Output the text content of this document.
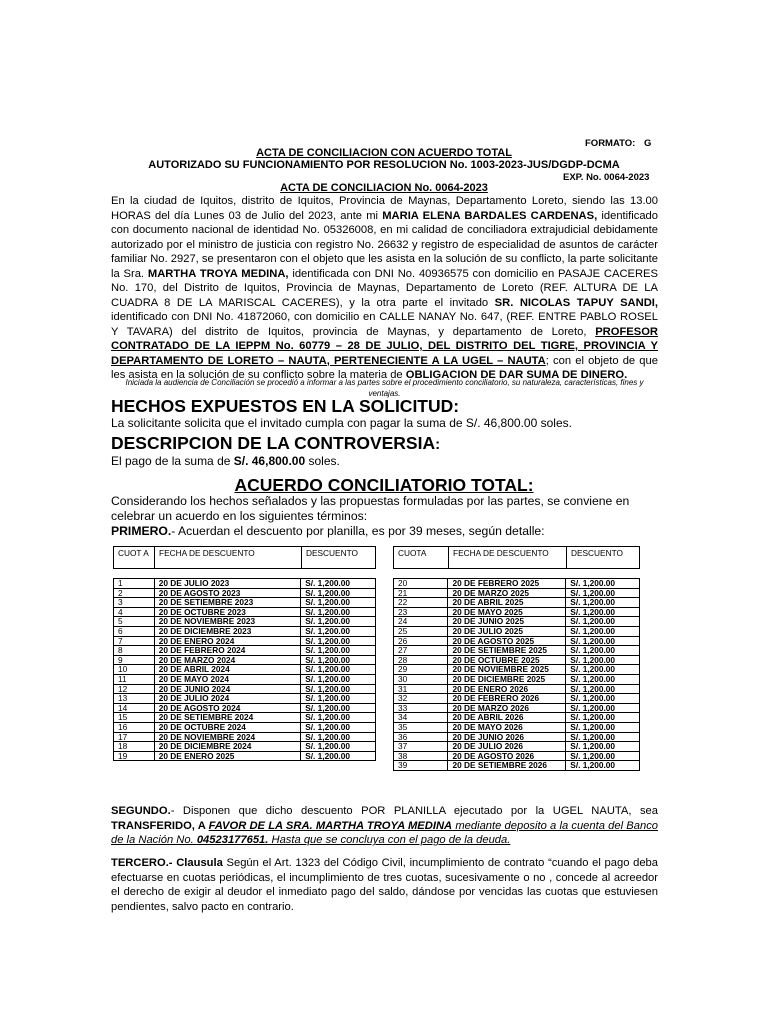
FORMATO: G
ACTA DE CONCILIACION CON ACUERDO TOTAL
AUTORIZADO SU FUNCIONAMIENTO POR RESOLUCION No. 1003-2023-JUS/DGDP-DCMA
EXP. No. 0064-2023
ACTA DE CONCILIACION No. 0064-2023
En la ciudad de Iquitos, distrito de Iquitos, Provincia de Maynas, Departamento Loreto, siendo las 13.00 HORAS del día Lunes 03 de Julio del 2023, ante mi MARIA ELENA BARDALES CARDENAS, identificado con documento nacional de identidad No. 05326008, en mi calidad de conciliadora extrajudicial debidamente autorizado por el ministro de justicia con registro No. 26632 y registro de especialidad de asuntos de carácter familiar No. 2927, se presentaron con el objeto que les asista en la solución de su conflicto, la parte solicitante la Sra. MARTHA TROYA MEDINA, identificada con DNI No. 40936575 con domicilio en PASAJE CACERES No. 170, del Distrito de Iquitos, Provincia de Maynas, Departamento de Loreto (REF. ALTURA DE LA CUADRA 8 DE LA MARISCAL CACERES), y la otra parte el invitado SR. NICOLAS TAPUY SANDI, identificado con DNI No. 41872060, con domicilio en CALLE NANAY No. 647, (REF. ENTRE PABLO ROSEL Y TAVARA) del distrito de Iquitos, provincia de Maynas, y departamento de Loreto, PROFESOR CONTRATADO DE LA IEPPM No. 60779 – 28 DE JULIO, DEL DISTRITO DEL TIGRE, PROVINCIA Y DEPARTAMENTO DE LORETO – NAUTA, PERTENECIENTE A LA UGEL – NAUTA; con el objeto de que les asista en la solución de su conflicto sobre la materia de OBLIGACION DE DAR SUMA DE DINERO.
Iniciada la audiencia de Conciliación se procedió a informar a las partes sobre el procedimiento conciliatorio, su naturaleza, características, fines y ventajas.
HECHOS EXPUESTOS EN LA SOLICITUD:
La solicitante solicita que el invitado cumpla con pagar la suma de S/. 46,800.00 soles.
DESCRIPCION DE LA CONTROVERSIA:
El pago de la suma de S/. 46,800.00 soles.
ACUERDO CONCILIATORIO TOTAL:
Considerando los hechos señalados y las propuestas formuladas por las partes, se conviene en celebrar un acuerdo en los siguientes términos:
PRIMERO.- Acuerdan el descuento por planilla, es por 39 meses, según detalle:
CUOT A	FECHA DE DESCUENTO	DESCUENTO
1	20 DE JULIO 2023	S/. 1,200.00
2	20 DE AGOSTO 2023	S/. 1,200.00
3	20 DE SETIEMBRE 2023	S/. 1,200.00
4	20 DE OCTUBRE 2023	S/. 1,200.00
5	20 DE NOVIEMBRE 2023	S/. 1,200.00
6	20 DE DICIEMBRE 2023	S/. 1,200.00
7	20 DE ENERO 2024	S/. 1,200.00
8	20 DE FEBRERO 2024	S/. 1,200.00
9	20 DE MARZO 2024	S/. 1,200.00
10	20 DE ABRIL 2024	S/. 1,200.00
11	20 DE MAYO 2024	S/. 1,200.00
12	20 DE JUNIO 2024	S/. 1,200.00
13	20 DE JULIO 2024	S/. 1,200.00
14	20 DE AGOSTO 2024	S/. 1,200.00
15	20 DE SETIEMBRE 2024	S/. 1,200.00
16	20 DE OCTUBRE 2024	S/. 1,200.00
17	20 DE NOVIEMBRE 2024	S/. 1,200.00
18	20 DE DICIEMBRE 2024	S/. 1,200.00
19	20 DE ENERO 2025	S/. 1,200.00
CUOTA	FECHA DE DESCUENTO	DESCUENTO
20	20 DE FEBRERO 2025	S/. 1,200.00
21	20 DE MARZO 2025	S/. 1,200.00
22	20 DE ABRIL 2025	S/. 1,200.00
23	20 DE MAYO 2025	S/. 1,200.00
24	20 DE JUNIO 2025	S/. 1,200.00
25	20 DE JULIO 2025	S/. 1,200.00
26	20 DE AGOSTO 2025	S/. 1,200.00
27	20 DE SETIEMBRE 2025	S/. 1,200.00
28	20 DE OCTUBRE 2025	S/. 1,200.00
29	20 DE NOVIEMBRE 2025	S/. 1,200.00
30	20 DE DICIEMBRE 2025	S/. 1,200.00
31	20 DE ENERO 2026	S/. 1,200.00
32	20 DE FEBRERO 2026	S/. 1,200.00
33	20 DE MARZO 2026	S/. 1,200.00
34	20 DE ABRIL 2026	S/. 1,200.00
35	20 DE MAYO 2026	S/. 1,200.00
36	20 DE JUNIO 2026	S/. 1,200.00
37	20 DE JULIO 2026	S/. 1,200.00
38	20 DE AGOSTO 2026	S/. 1,200.00
39	20 DE SETIEMBRE 2026	S/. 1,200.00
SEGUNDO.- Disponen que dicho descuento POR PLANILLA ejecutado por la UGEL NAUTA, sea TRANSFERIDO, A FAVOR DE LA SRA. MARTHA TROYA MEDINA mediante deposito a la cuenta del Banco de la Nación No. 04523177651. Hasta que se concluya con el pago de la deuda.
TERCERO.- Clausula Según el Art. 1323 del Código Civil, incumplimiento de contrato “cuando el pago deba efectuarse en cuotas periódicas, el incumplimiento de tres cuotas, sucesivamente o no , concede al acreedor el derecho de exigir al deudor el inmediato pago del saldo, dándose por vencidas las cuotas que estuviesen pendientes, salvo pacto en contrario.
